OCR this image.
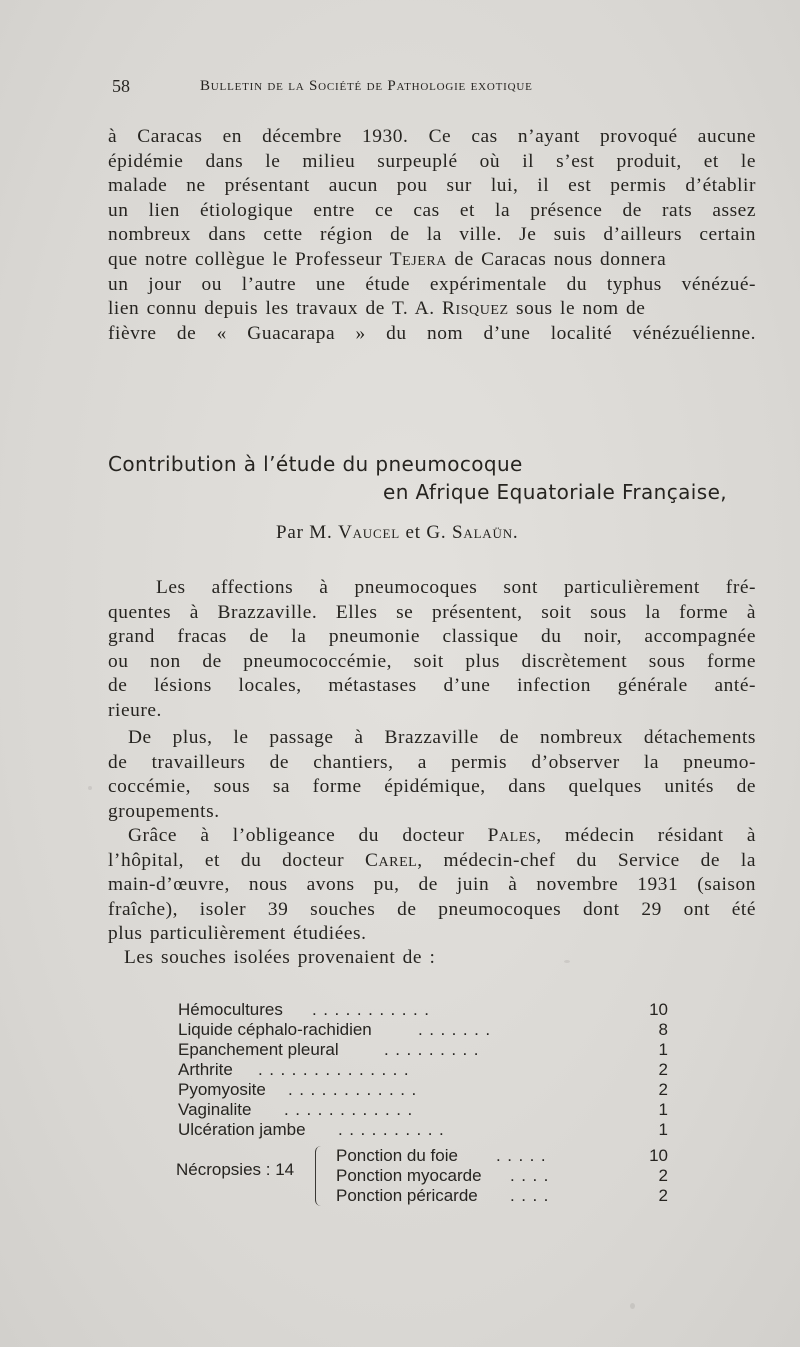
58	Bulletin de la Société de Pathologie exotique
à Caracas en décembre 1930. Ce cas n’ayant provoqué aucune
épidémie dans le milieu surpeuplé où il s’est produit, et le
malade ne présentant aucun pou sur lui, il est permis d’établir
un lien étiologique entre ce cas et la présence de rats assez
nombreux dans cette région de la ville. Je suis d’ailleurs certain
que notre collègue le Professeur Tejera de Caracas nous donnera
un jour ou l’autre une étude expérimentale du typhus vénézué-
lien connu depuis les travaux de T. A. Risquez sous le nom de
fièvre de « Guacarapa » du nom d’une localité vénézuélienne.
Contribution à l’étude du pneumocoque
en Afrique Equatoriale Française,
Par M. Vaucel et G. Salaün.
Les affections à pneumocoques sont particulièrement fré-
quentes à Brazzaville. Elles se présentent, soit sous la forme à
grand fracas de la pneumonie classique du noir, accompagnée
ou non de pneumococcémie, soit plus discrètement sous forme
de lésions locales, métastases d’une infection générale anté-
rieure.
De plus, le passage à Brazzaville de nombreux détachements
de travailleurs de chantiers, a permis d’observer la pneumo-
coccémie, sous sa forme épidémique, dans quelques unités de
groupements.
Grâce à l’obligeance du docteur Pales, médecin résidant à
l’hôpital, et du docteur Carel, médecin-chef du Service de la
main-d’œuvre, nous avons pu, de juin à novembre 1931 (saison
fraîche), isoler 39 souches de pneumocoques dont 29 ont été
plus particulièrement étudiées.
Les souches isolées provenaient de :
Hémocultures ...........	10
Liquide céphalo-rachidien	.......	8
Epanchement pleural	.........	1
Arthrite ..............	2
Pyomyosite ............	2
Vaginalite ............	1
Ulcération jambe ..........	1
Ponction du foie .....	10
Ponction myocarde ....	2
Ponction péricarde ....	2
Nécropsies : 14
